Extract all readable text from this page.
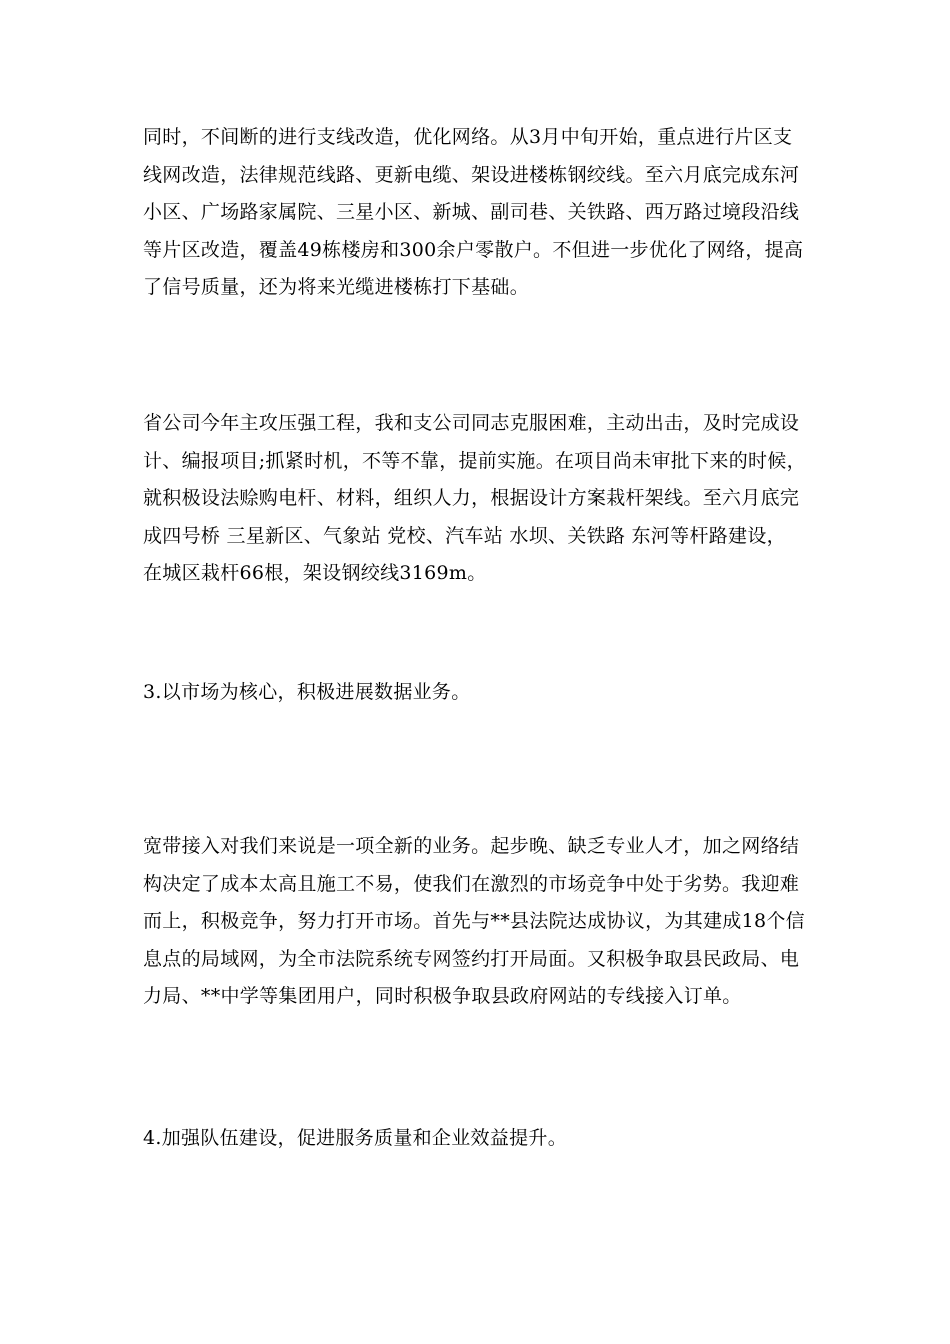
同时，不间断的进行支线改造，优化网络。从3月中旬开始，重点进行片区支
线网改造，法律规范线路、更新电缆、架设进楼栋钢绞线。至六月底完成东河
小区、广场路家属院、三星小区、新城、副司巷、关铁路、西万路过境段沿线
等片区改造，覆盖49栋楼房和300余户零散户。不但进一步优化了网络，提高
了信号质量，还为将来光缆进楼栋打下基础。

省公司今年主攻压强工程，我和支公司同志克服困难，主动出击，及时完成设
计、编报项目;抓紧时机，不等不靠，提前实施。在项目尚未审批下来的时候，
就积极设法赊购电杆、材料，组织人力，根据设计方案栽杆架线。至六月底完
成四号桥 三星新区、气象站 党校、汽车站 水坝、关铁路 东河等杆路建设，
在城区栽杆66根，架设钢绞线3169m。

3.以市场为核心，积极进展数据业务。

宽带接入对我们来说是一项全新的业务。起步晚、缺乏专业人才，加之网络结
构决定了成本太高且施工不易，使我们在激烈的市场竞争中处于劣势。我迎难
而上，积极竞争，努力打开市场。首先与**县法院达成协议，为其建成18个信
息点的局域网，为全市法院系统专网签约打开局面。又积极争取县民政局、电
力局、**中学等集团用户，同时积极争取县政府网站的专线接入订单。

4.加强队伍建设，促进服务质量和企业效益提升。
